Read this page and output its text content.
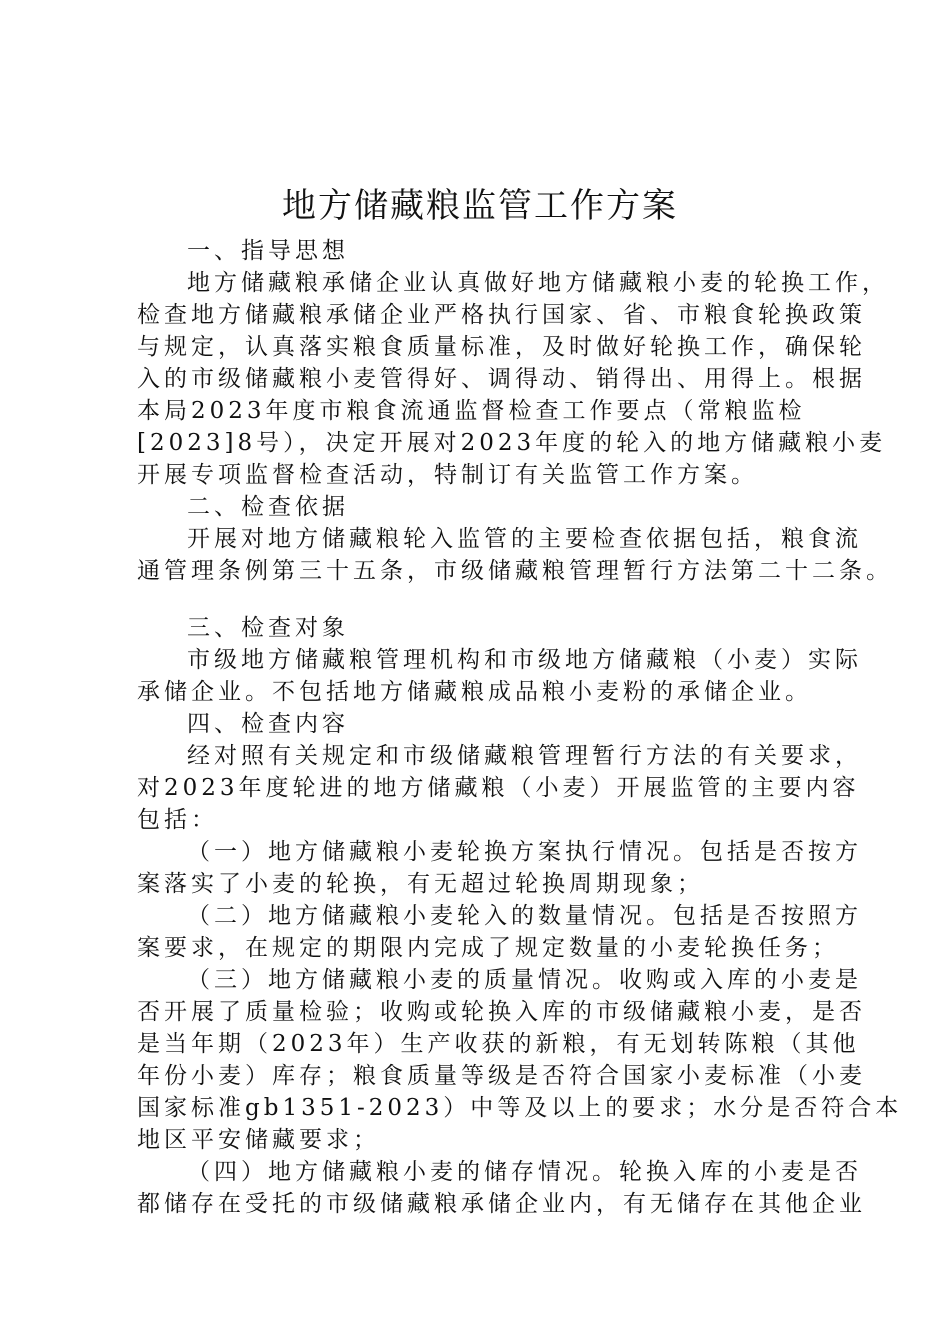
地方储藏粮监管工作方案
一、指导思想
地方储藏粮承储企业认真做好地方储藏粮小麦的轮换工作，
检查地方储藏粮承储企业严格执行国家、省、市粮食轮换政策
与规定，认真落实粮食质量标准，及时做好轮换工作，确保轮
入的市级储藏粮小麦管得好、调得动、销得出、用得上。根据
本局2023年度市粮食流通监督检查工作要点（常粮监检
[2023]8号），决定开展对2023年度的轮入的地方储藏粮小麦
开展专项监督检查活动，特制订有关监管工作方案。
二、检查依据
开展对地方储藏粮轮入监管的主要检查依据包括，粮食流
通管理条例第三十五条，市级储藏粮管理暂行方法第二十二条。
三、检查对象
市级地方储藏粮管理机构和市级地方储藏粮（小麦）实际
承储企业。不包括地方储藏粮成品粮小麦粉的承储企业。
四、检查内容
经对照有关规定和市级储藏粮管理暂行方法的有关要求，
对2023年度轮进的地方储藏粮（小麦）开展监管的主要内容
包括：
（一）地方储藏粮小麦轮换方案执行情况。包括是否按方
案落实了小麦的轮换，有无超过轮换周期现象；
（二）地方储藏粮小麦轮入的数量情况。包括是否按照方
案要求，在规定的期限内完成了规定数量的小麦轮换任务；
（三）地方储藏粮小麦的质量情况。收购或入库的小麦是
否开展了质量检验；收购或轮换入库的市级储藏粮小麦，是否
是当年期（2023年）生产收获的新粮，有无划转陈粮（其他
年份小麦）库存；粮食质量等级是否符合国家小麦标准（小麦
国家标准gb1351-2023）中等及以上的要求；水分是否符合本
地区平安储藏要求；
（四）地方储藏粮小麦的储存情况。轮换入库的小麦是否
都储存在受托的市级储藏粮承储企业内，有无储存在其他企业
